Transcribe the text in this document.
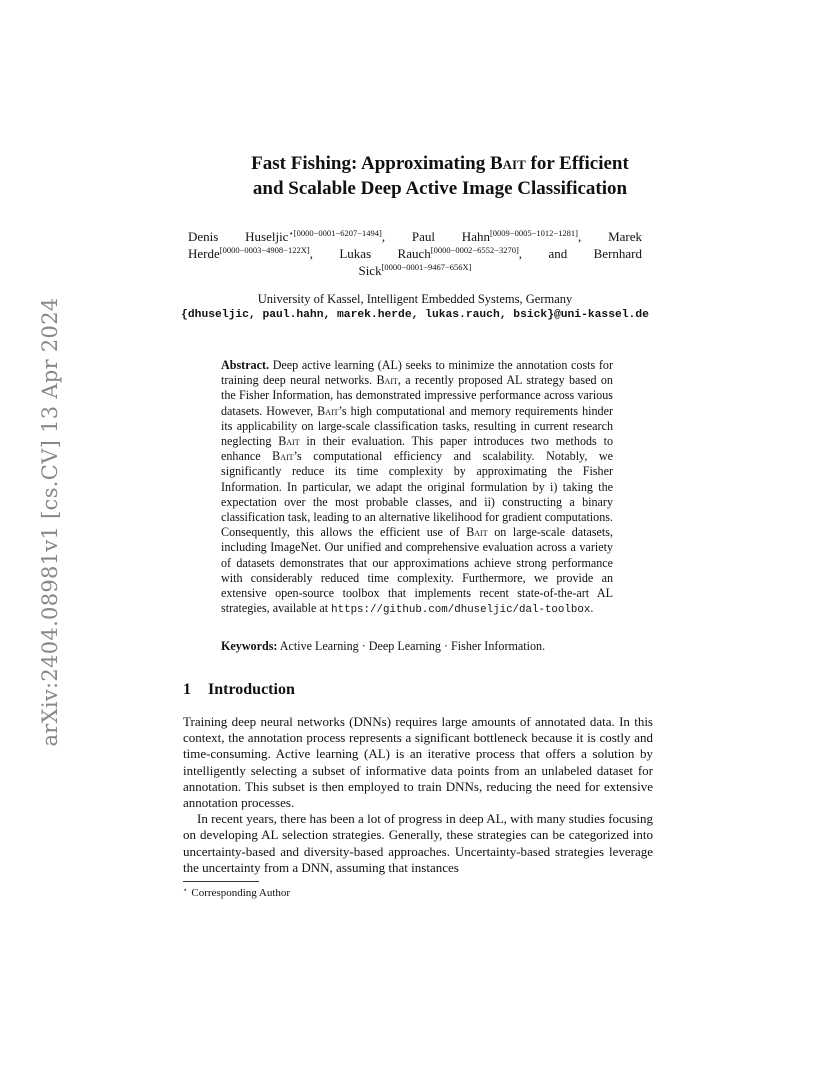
arXiv:2404.08981v1 [cs.CV] 13 Apr 2024
Fast Fishing: Approximating Bait for Efficient
and Scalable Deep Active Image Classification
Denis Huseljic$^{⋆[0000-0001-6207-1494]}$, Paul Hahn[0009−0005−1012−1281], Marek Herde[0000−0003−4908−122X], Lukas Rauch[0000−0002−6552−3270], and Bernhard Sick[0000−0001−9467−656X]
University of Kassel, Intelligent Embedded Systems, Germany
{dhuseljic, paul.hahn, marek.herde, lukas.rauch, bsick}@uni-kassel.de
Abstract. Deep active learning (AL) seeks to minimize the annotation costs for training deep neural networks. Bait, a recently proposed AL strategy based on the Fisher Information, has demonstrated impressive performance across various datasets. However, Bait’s high computational and memory requirements hinder its applicability on large-scale classification tasks, resulting in current research neglecting Bait in their evaluation. This paper introduces two methods to enhance Bait’s computational efficiency and scalability. Notably, we significantly reduce its time complexity by approximating the Fisher Information. In particular, we adapt the original formulation by i) taking the expectation over the most probable classes, and ii) constructing a binary classification task, leading to an alternative likelihood for gradient computations. Consequently, this allows the efficient use of Bait on large-scale datasets, including ImageNet. Our unified and comprehensive evaluation across a variety of datasets demonstrates that our approximations achieve strong performance with considerably reduced time complexity. Furthermore, we provide an extensive open-source toolbox that implements recent state-of-the-art AL strategies, available at https://github.com/dhuseljic/dal-toolbox.
Keywords: Active Learning · Deep Learning · Fisher Information.
1 Introduction

Training deep neural networks (DNNs) requires large amounts of annotated data. In this context, the annotation process represents a significant bottleneck because it is costly and time-consuming. Active learning (AL) is an iterative process that offers a solution by intelligently selecting a subset of informative data points from an unlabeled dataset for annotation. This subset is then employed to train DNNs, reducing the need for extensive annotation processes.

In recent years, there has been a lot of progress in deep AL, with many studies focusing on developing AL selection strategies. Generally, these strategies can be categorized into uncertainty-based and diversity-based approaches. Uncertainty-based strategies leverage the uncertainty from a DNN, assuming that instances

⋆ Corresponding Author
